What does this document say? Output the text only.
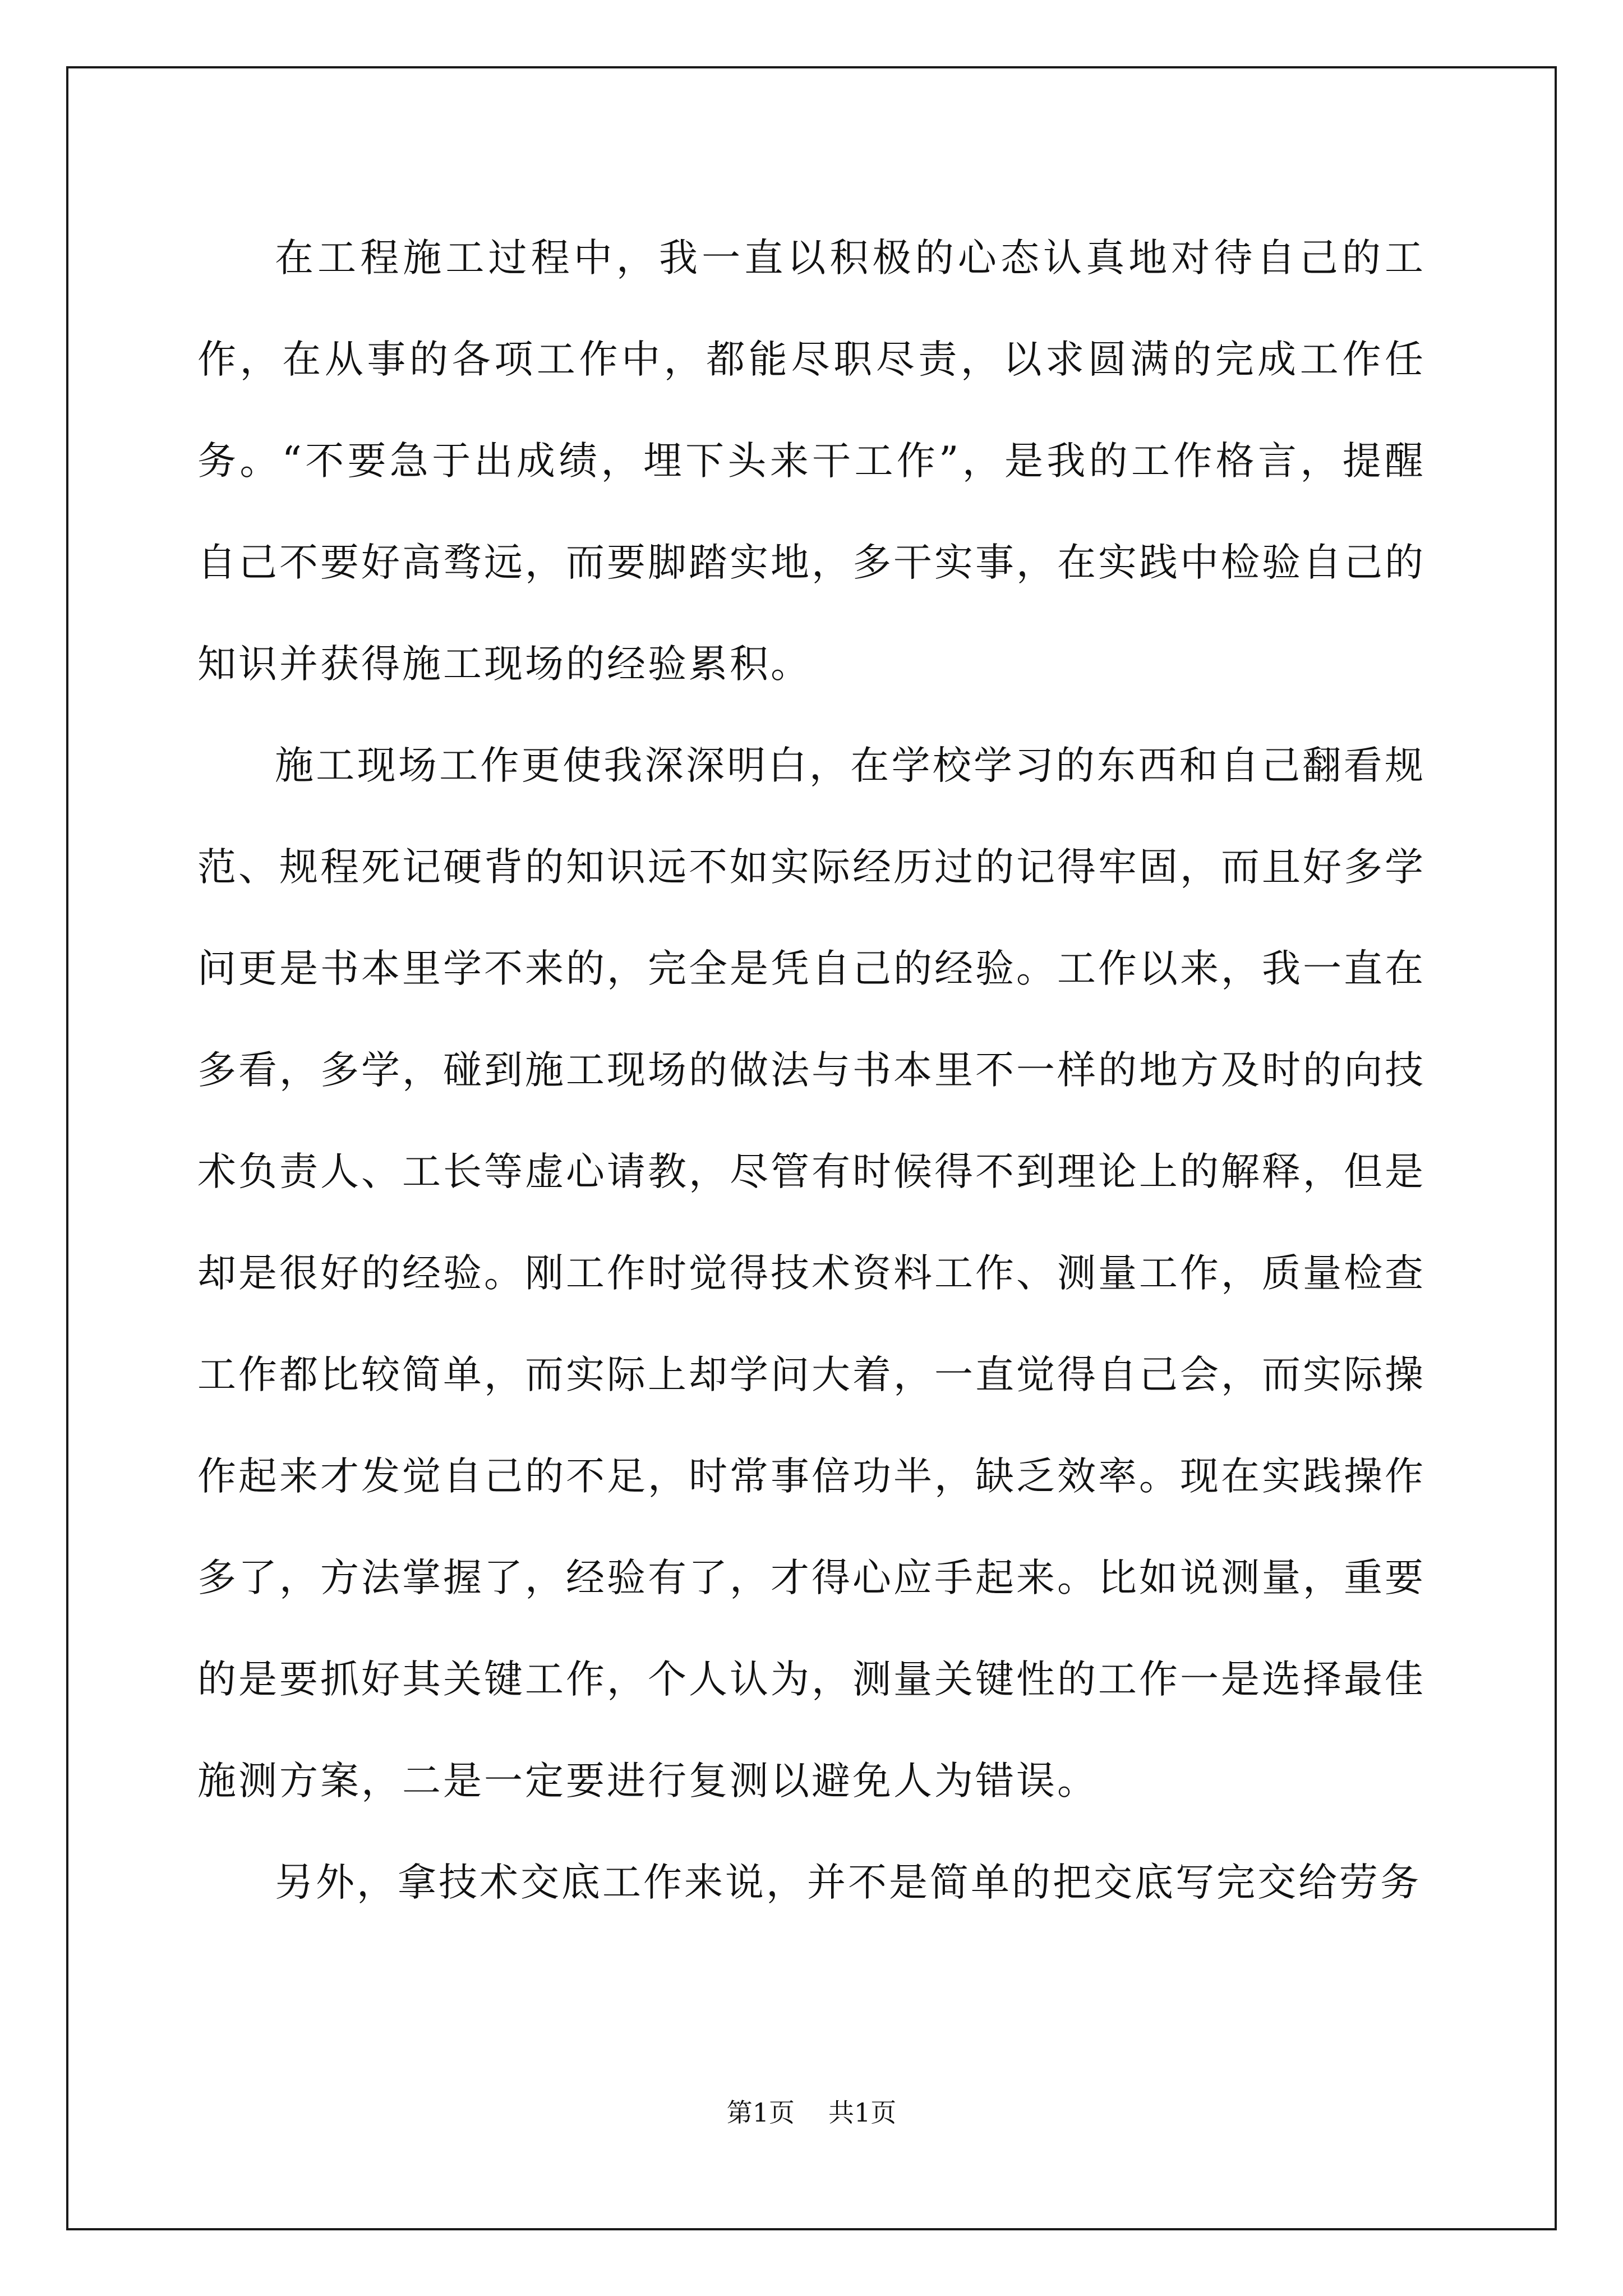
在工程施工过程中，我一直以积极的心态认真地对待自己的工作，在从事的各项工作中，都能尽职尽责，以求圆满的完成工作任务。“不要急于出成绩，埋下头来干工作”，是我的工作格言，提醒自己不要好高骛远，而要脚踏实地，多干实事，在实践中检验自己的知识并获得施工现场的经验累积。

施工现场工作更使我深深明白，在学校学习的东西和自己翻看规范、规程死记硬背的知识远不如实际经历过的记得牢固，而且好多学问更是书本里学不来的，完全是凭自己的经验。工作以来，我一直在多看，多学，碰到施工现场的做法与书本里不一样的地方及时的向技术负责人、工长等虚心请教，尽管有时候得不到理论上的解释，但是却是很好的经验。刚工作时觉得技术资料工作、测量工作，质量检查工作都比较简单，而实际上却学问大着，一直觉得自己会，而实际操作起来才发觉自己的不足，时常事倍功半，缺乏效率。现在实践操作多了，方法掌握了，经验有了，才得心应手起来。比如说测量，重要的是要抓好其关键工作，个人认为，测量关键性的工作一是选择最佳施测方案，二是一定要进行复测以避免人为错误。

另外，拿技术交底工作来说，并不是简单的把交底写完交给劳务

第1页 共1页
